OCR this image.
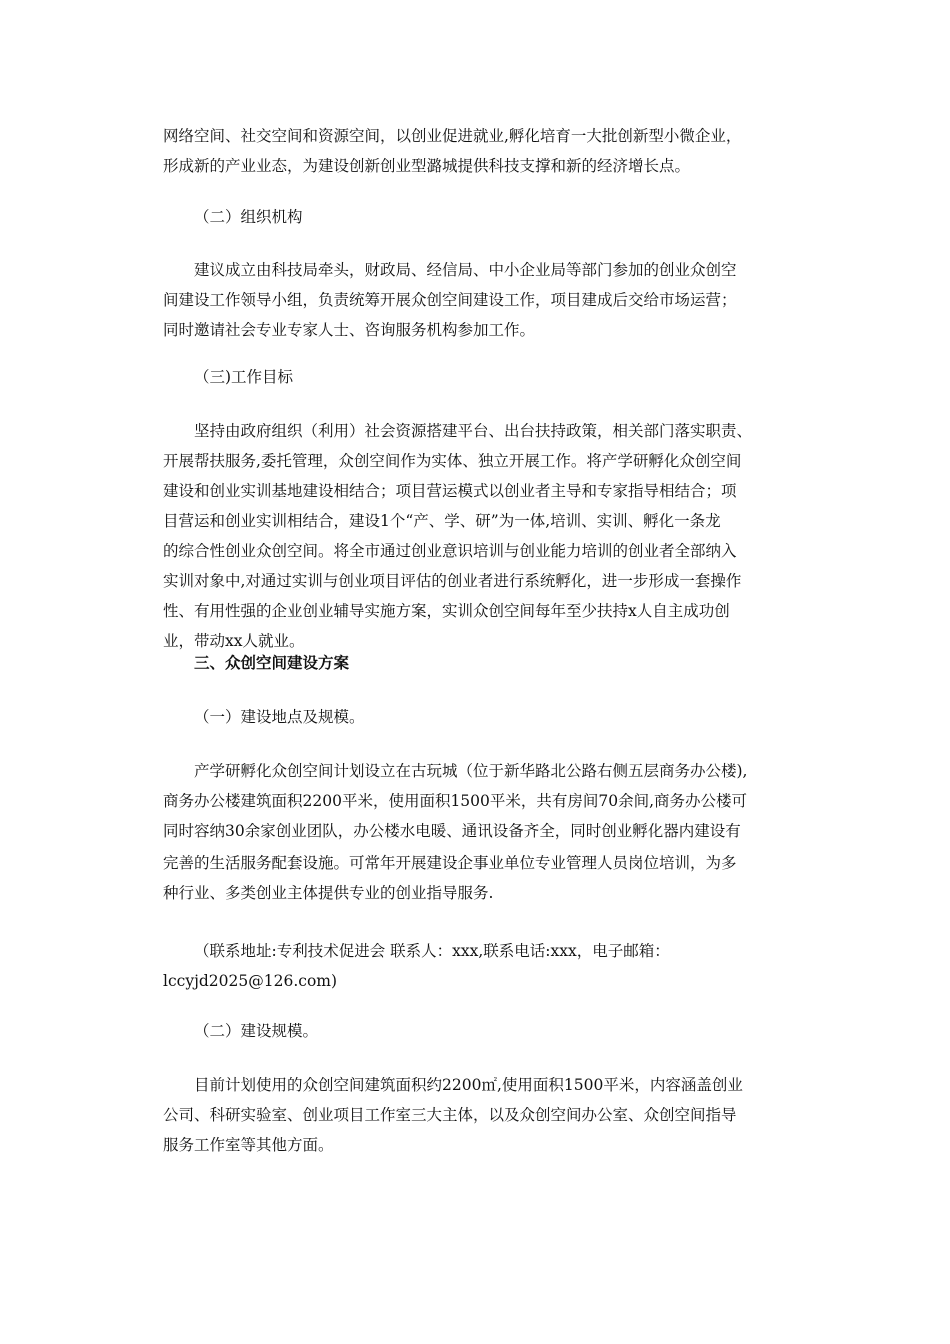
网络空间、社交空间和资源空间，以创业促进就业,孵化培育一大批创新型小微企业，
形成新的产业业态，为建设创新创业型潞城提供科技支撑和新的经济增长点。
（二）组织机构
建议成立由科技局牵头，财政局、经信局、中小企业局等部门参加的创业众创空
间建设工作领导小组，负责统筹开展众创空间建设工作，项目建成后交给市场运营；
同时邀请社会专业专家人士、咨询服务机构参加工作。
（三)工作目标
坚持由政府组织（利用）社会资源搭建平台、出台扶持政策，相关部门落实职责、
开展帮扶服务,委托管理，众创空间作为实体、独立开展工作。将产学研孵化众创空间
建设和创业实训基地建设相结合；项目营运模式以创业者主导和专家指导相结合；项
目营运和创业实训相结合，建设1个“产、学、研”为一体,培训、实训、孵化一条龙
的综合性创业众创空间。将全市通过创业意识培训与创业能力培训的创业者全部纳入
实训对象中,对通过实训与创业项目评估的创业者进行系统孵化，进一步形成一套操作
性、有用性强的企业创业辅导实施方案，实训众创空间每年至少扶持x人自主成功创
业，带动xx人就业。
三、众创空间建设方案
（一）建设地点及规模。
产学研孵化众创空间计划设立在古玩城（位于新华路北公路右侧五层商务办公楼),
商务办公楼建筑面积2200平米，使用面积1500平米，共有房间70余间,商务办公楼可
同时容纳30余家创业团队，办公楼水电暖、通讯设备齐全，同时创业孵化器内建设有
完善的生活服务配套设施。可常年开展建设企事业单位专业管理人员岗位培训，为多
种行业、多类创业主体提供专业的创业指导服务.
（联系地址:专利技术促进会 联系人：xxx,联系电话:xxx，电子邮箱：
lccyjd2025@126.com)
（二）建设规模。
目前计划使用的众创空间建筑面积约2200㎡,使用面积1500平米，内容涵盖创业
公司、科研实验室、创业项目工作室三大主体，以及众创空间办公室、众创空间指导
服务工作室等其他方面。
